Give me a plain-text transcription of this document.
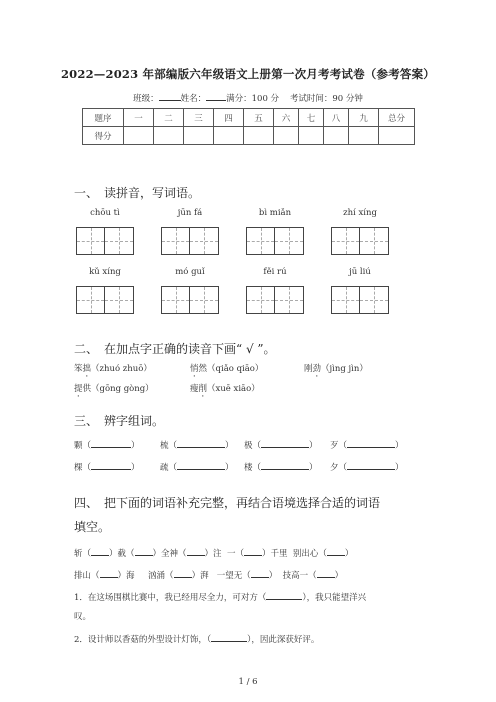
2022—2023 年部编版六年级语文上册第一次月考考试卷（参考答案）
班级：	姓名： 满分：100 分 考试时间：90 分钟
题序	一	二	三	四	五	六	七	八	九	总分
得分										
一、　读拼音，写词语。
chōu tì	jūn fá	bì miǎn	zhí xíng
kǔ xíng	mó guǐ	fěi rú	jū liú
二、　在加点字正确的读音下画“ √ ”。
笨拙（zhuó zhuō）	悄然（qiǎo qiāo）	刚劲（jìng jìn）
提供（gōng gòng）	瘦削（xuē xiāo）
三、　辨字组词。
颗（	） 梳（	） 极（	） 歹（	）
棵（	） 疏（	） 楼（	） 夕（	）
四、　把下面的词语补充完整，再结合语境选择合适的词语
填空。
斩（ ）截（ ）全神（ ）注 一（ ）千里 别出心（ ）
排山（ ）海 汹涌（ ）湃 一望无（ ） 技高一（ ）
1．在这场围棋比赛中，我已经用尽全力，可对方（	），我只能望洋兴
叹。
2．设计师以香菇的外型设计灯饰，（	），因此深获好评。
1 / 6
